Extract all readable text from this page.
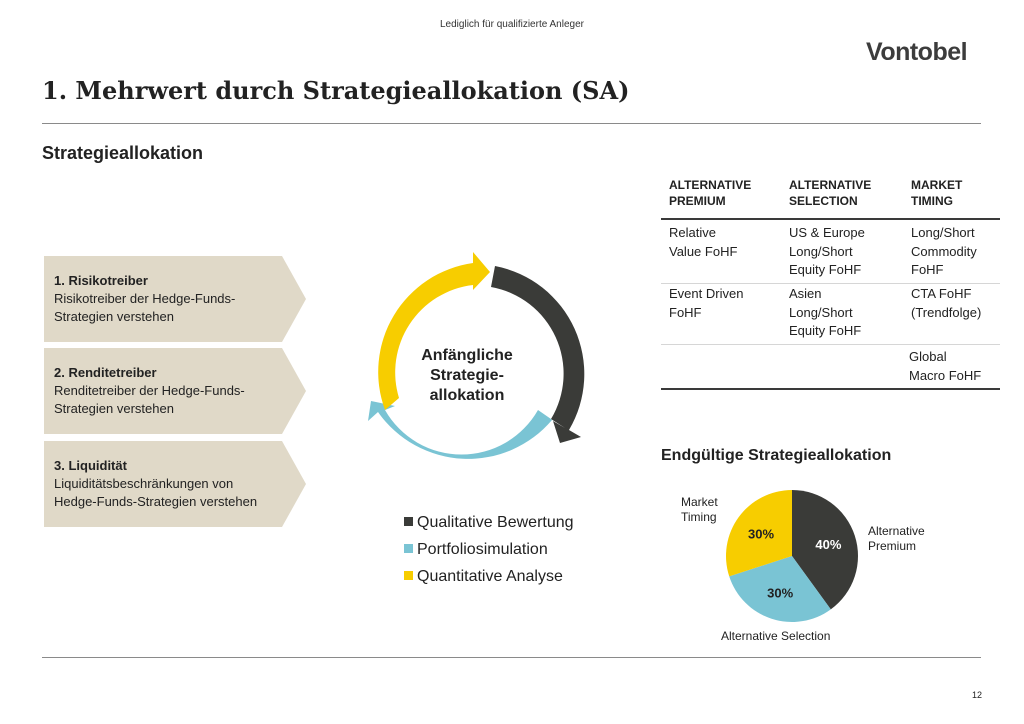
Lediglich für qualifizierte Anleger
Vontobel
1. Mehrwert durch Strategieallokation (SA)
Strategieallokation
1. Risikotreiber
Risikotreiber der Hedge-Funds-
Strategien verstehen
2. Renditetreiber
Renditetreiber der Hedge-Funds-
Strategien verstehen
3. Liquidität
Liquiditätsbeschränkungen von
Hedge-Funds-Strategien verstehen
Anfängliche
Strategie-
allokation
Qualitative Bewertung
Portfoliosimulation
Quantitative Analyse
ALTERNATIVE
PREMIUM
ALTERNATIVE
SELECTION
MARKET
TIMING
Relative
Value FoHF
US & Europe
Long/Short
Equity FoHF
Long/Short
Commodity
FoHF
Event Driven
FoHF
Asien
Long/Short
Equity FoHF
CTA FoHF
(Trendfolge)
Global
Macro FoHF
Endgültige Strategieallokation
40%
30%
30%
Market
Timing
Alternative
Premium
Alternative Selection
12
